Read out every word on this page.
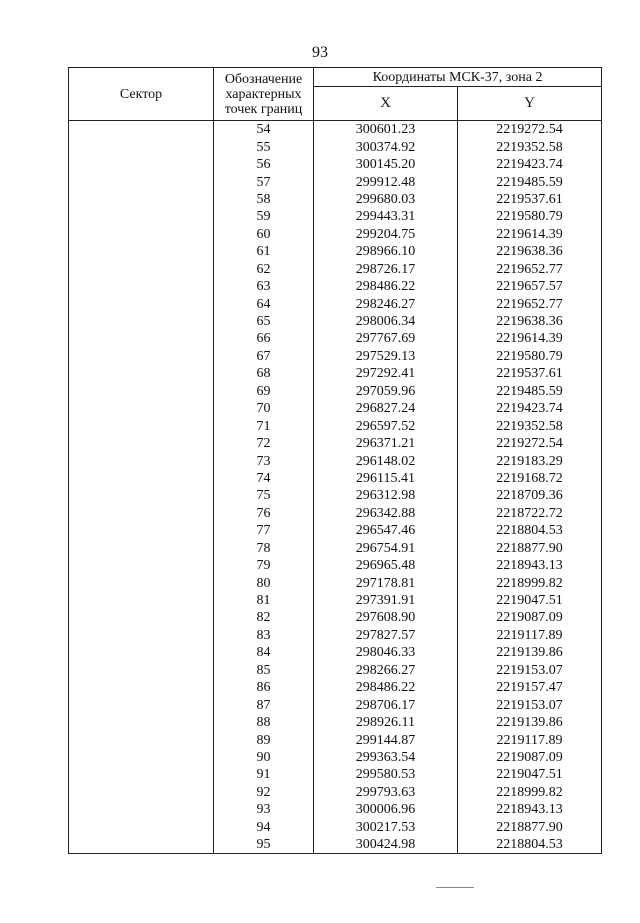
93
Сектор	Обозначение
характерных
точек границ	Координаты МСК-37, зона 2	
		X	Y
	54	300601.23	2219272.54
	55	300374.92	2219352.58
	56	300145.20	2219423.74
	57	299912.48	2219485.59
	58	299680.03	2219537.61
	59	299443.31	2219580.79
	60	299204.75	2219614.39
	61	298966.10	2219638.36
	62	298726.17	2219652.77
	63	298486.22	2219657.57
	64	298246.27	2219652.77
	65	298006.34	2219638.36
	66	297767.69	2219614.39
	67	297529.13	2219580.79
	68	297292.41	2219537.61
	69	297059.96	2219485.59
	70	296827.24	2219423.74
	71	296597.52	2219352.58
	72	296371.21	2219272.54
	73	296148.02	2219183.29
	74	296115.41	2219168.72
	75	296312.98	2218709.36
	76	296342.88	2218722.72
	77	296547.46	2218804.53
	78	296754.91	2218877.90
	79	296965.48	2218943.13
	80	297178.81	2218999.82
	81	297391.91	2219047.51
	82	297608.90	2219087.09
	83	297827.57	2219117.89
	84	298046.33	2219139.86
	85	298266.27	2219153.07
	86	298486.22	2219157.47
	87	298706.17	2219153.07
	88	298926.11	2219139.86
	89	299144.87	2219117.89
	90	299363.54	2219087.09
	91	299580.53	2219047.51
	92	299793.63	2218999.82
	93	300006.96	2218943.13
	94	300217.53	2218877.90
	95	300424.98	2218804.53
